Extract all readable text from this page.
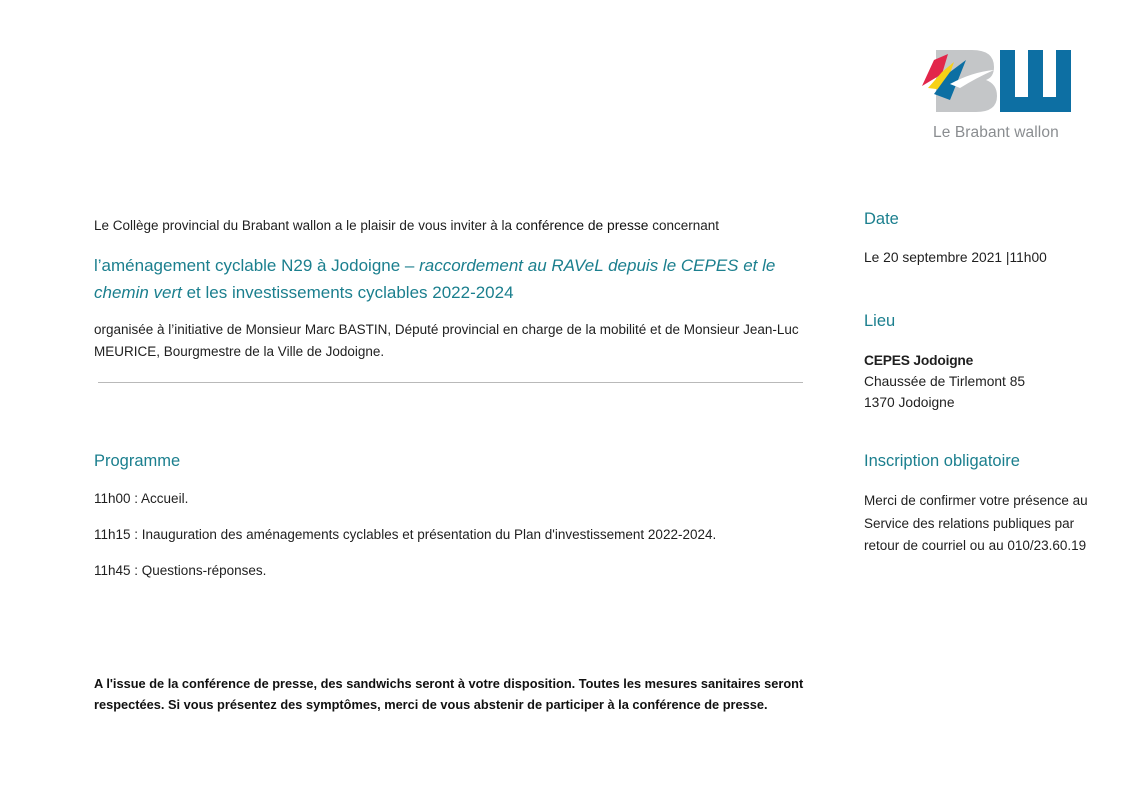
Le Brabant wallon
Le Collège provincial du Brabant wallon a le plaisir de vous inviter à la conférence de presse concernant
l’aménagement cyclable N29 à Jodoigne – raccordement au RAVeL depuis le CEPES et le chemin vert et les investissements cyclables 2022-2024
organisée à l’initiative de Monsieur Marc BASTIN, Député provincial en charge de la mobilité et de Monsieur Jean-Luc MEURICE, Bourgmestre de la Ville de Jodoigne.
Programme
11h00 : Accueil.
11h15 : Inauguration des aménagements cyclables et présentation du Plan d'investissement 2022-2024.
11h45 : Questions-réponses.
A l'issue de la conférence de presse, des sandwichs seront à votre disposition. Toutes les mesures sanitaires seront respectées. Si vous présentez des symptômes, merci de vous abstenir de participer à la conférence de presse.
Date
Le 20 septembre 2021 |11h00
Lieu
CEPES Jodoigne
Chaussée de Tirlemont 85
1370 Jodoigne
Inscription obligatoire
Merci de confirmer votre présence au Service des relations publiques par retour de courriel ou au 010/23.60.19
